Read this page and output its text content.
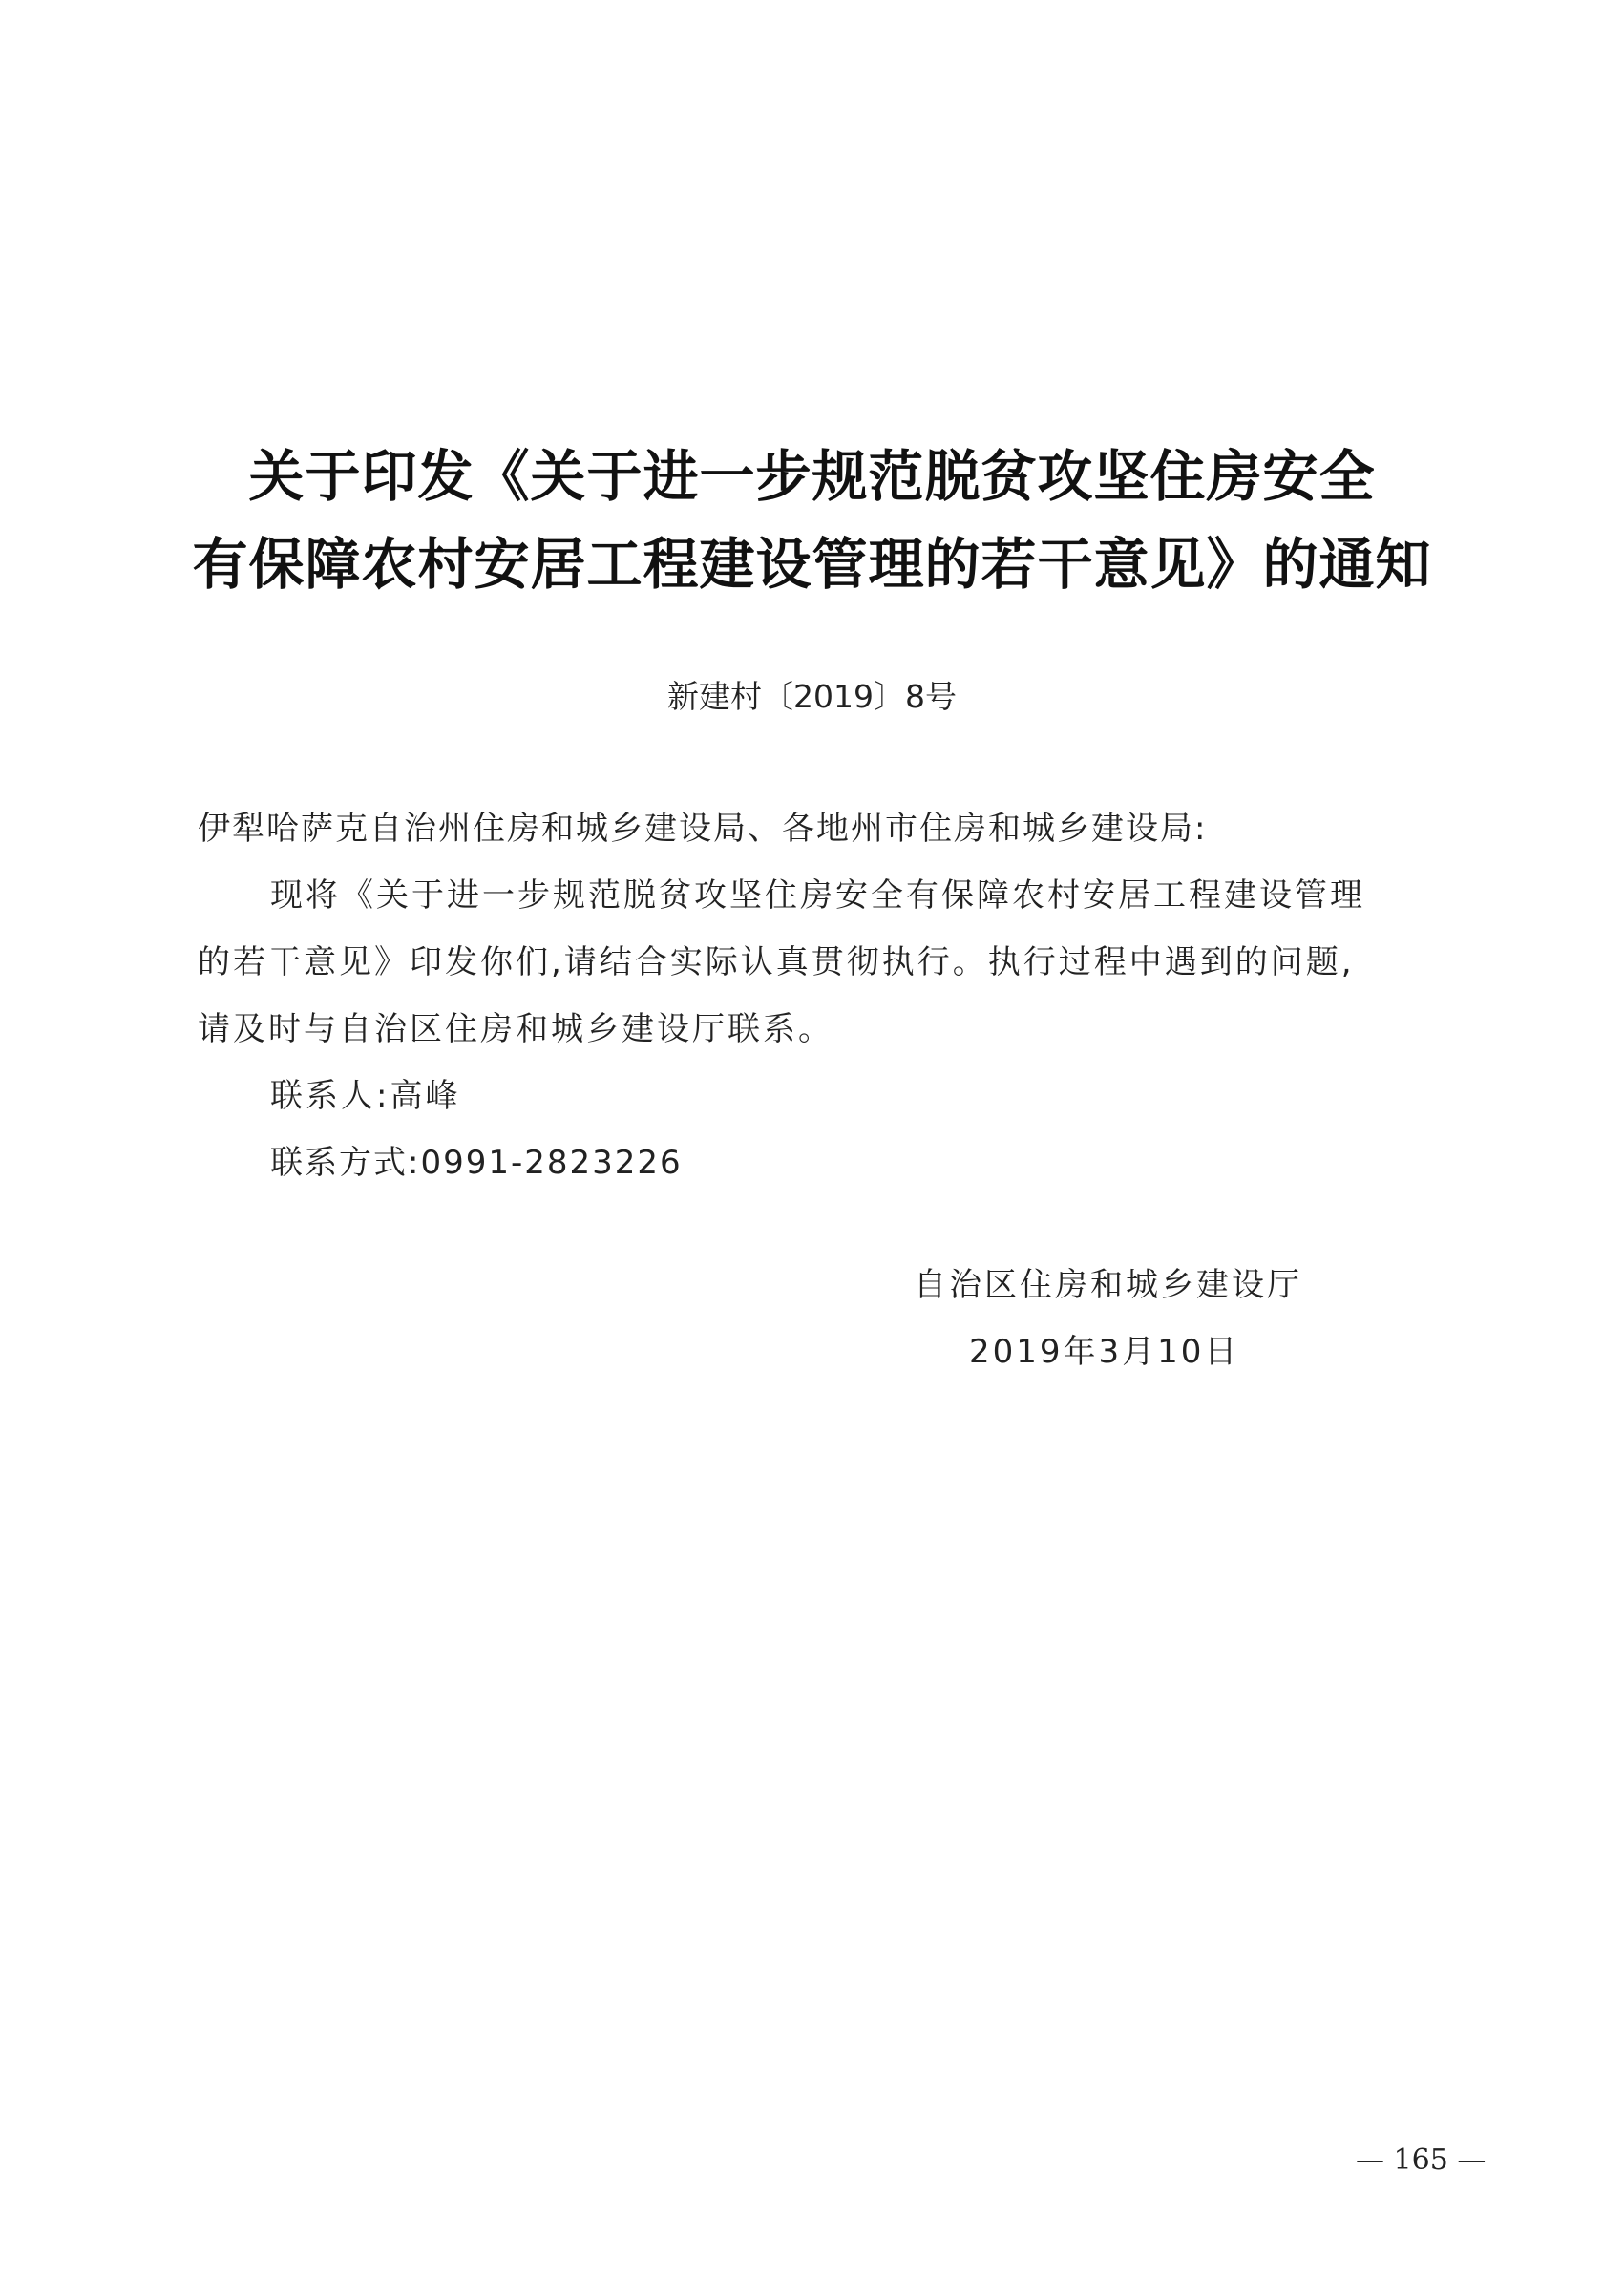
关于印发《关于进一步规范脱贫攻坚住房安全
有保障农村安居工程建设管理的若干意见》的通知
新建村〔2019〕8号
伊犁哈萨克自治州住房和城乡建设局、各地州市住房和城乡建设局:
现将《关于进一步规范脱贫攻坚住房安全有保障农村安居工程建设管理
的若干意见》印发你们,请结合实际认真贯彻执行。执行过程中遇到的问题,
请及时与自治区住房和城乡建设厅联系。
联系人:高峰
联系方式:0991-2823226
自治区住房和城乡建设厅
2019年3月10日
— 165 —
